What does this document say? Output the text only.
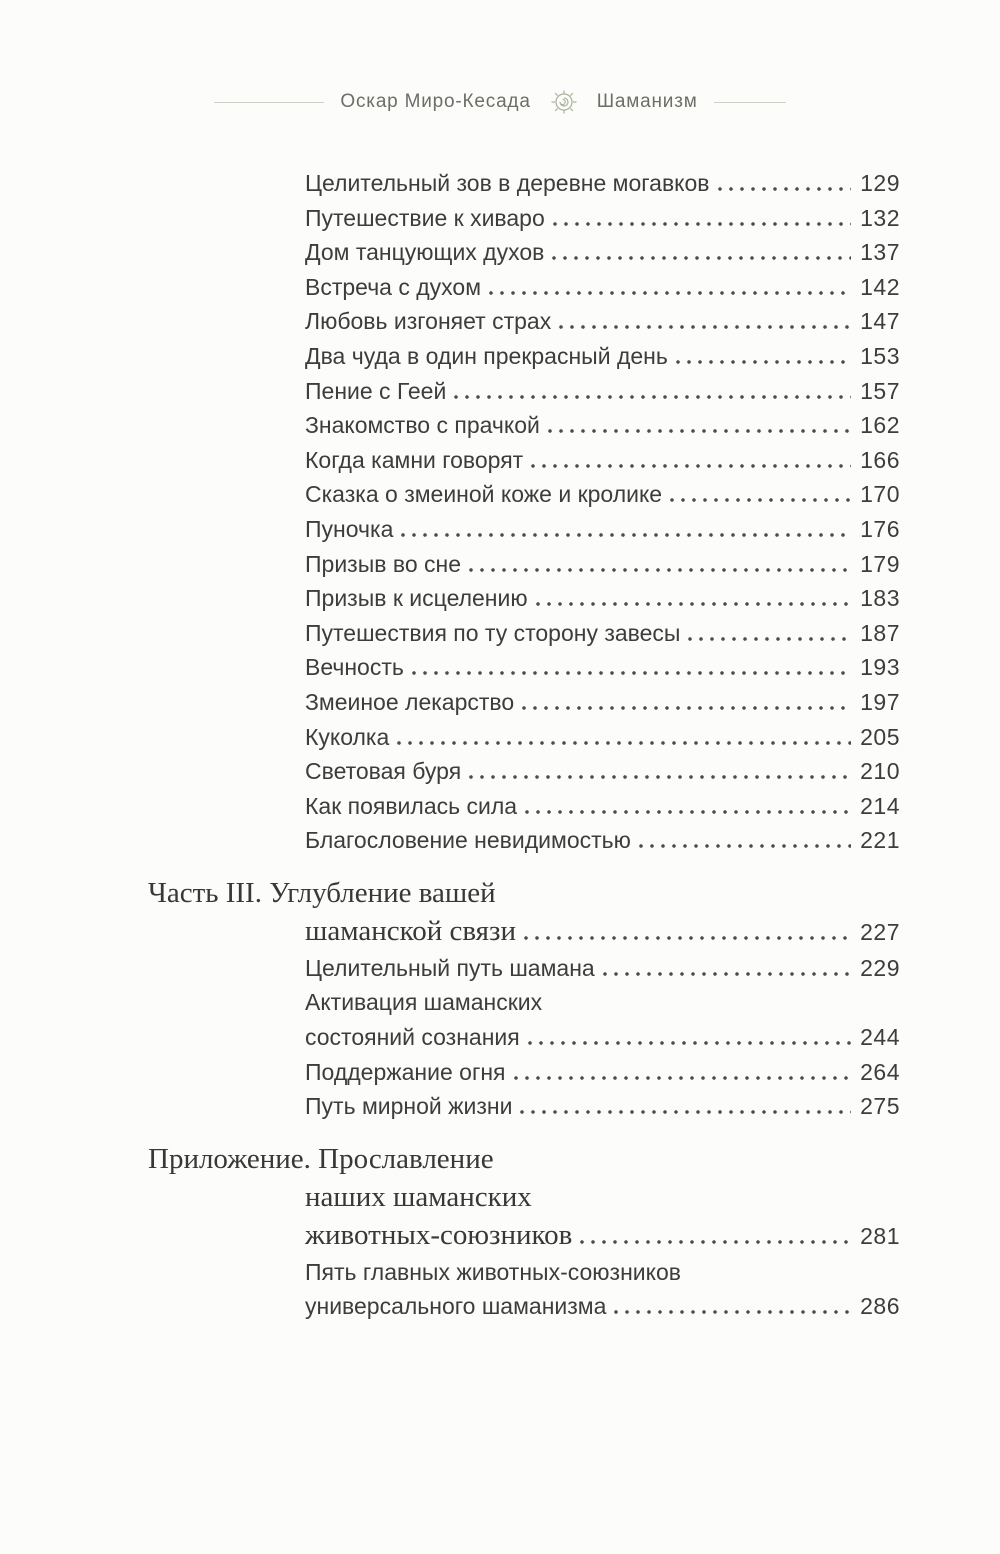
Оскар Миро-Кесада	Шаманизм
Целительный зов в деревне могавков	129
Путешествие к хиваро	132
Дом танцующих духов	137
Встреча с духом	142
Любовь изгоняет страх	147
Два чуда в один прекрасный день	153
Пение с Геей	157
Знакомство с прачкой	162
Когда камни говорят	166
Сказка о змеиной коже и кролике	170
Пуночка	176
Призыв во сне	179
Призыв к исцелению	183
Путешествия по ту сторону завесы	187
Вечность	193
Змеиное лекарство	197
Куколка	205
Световая буря	210
Как появилась сила	214
Благословение невидимостью	221
Часть III. Углубление вашей
шаманской связи	227
Целительный путь шамана	229
Активация шаманских
состояний сознания	244
Поддержание огня	264
Путь мирной жизни	275
Приложение. Прославление
наших шаманских
животных-союзников	281
Пять главных животных-союзников
универсального шаманизма	286
